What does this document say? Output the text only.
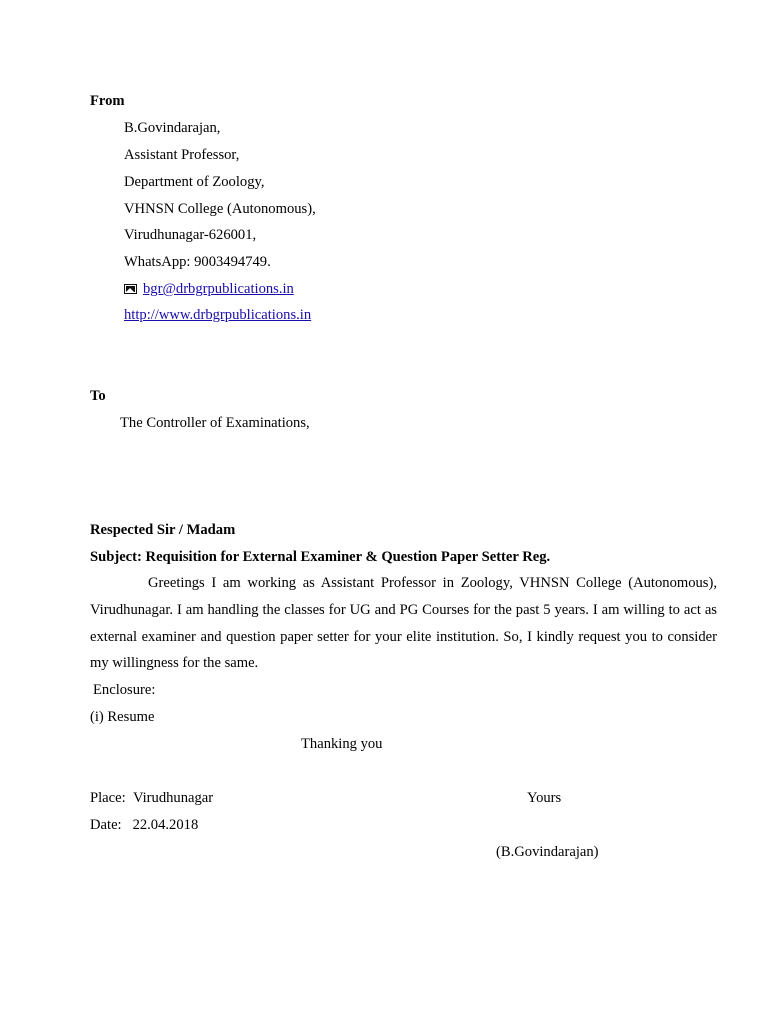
From
B.Govindarajan,
Assistant Professor,
Department of Zoology,
VHNSN College (Autonomous),
Virudhunagar-626001,
WhatsApp: 9003494749.
bgr@drbgrpublications.in
http://www.drbgrpublications.in
To
The Controller of Examinations,
Respected Sir / Madam
Subject: Requisition for External Examiner & Question Paper Setter Reg.

Greetings I am working as Assistant Professor in Zoology, VHNSN College (Autonomous), Virudhunagar. I am handling the classes for UG and PG Courses for the past 5 years. I am willing to act as external examiner and question paper setter for your elite institution. So, I kindly request you to consider my willingness for the same.

Enclosure:
(i) Resume
Thanking you
Place: Virudhunagar	Yours
Date: 22.04.2018
(B.Govindarajan)
